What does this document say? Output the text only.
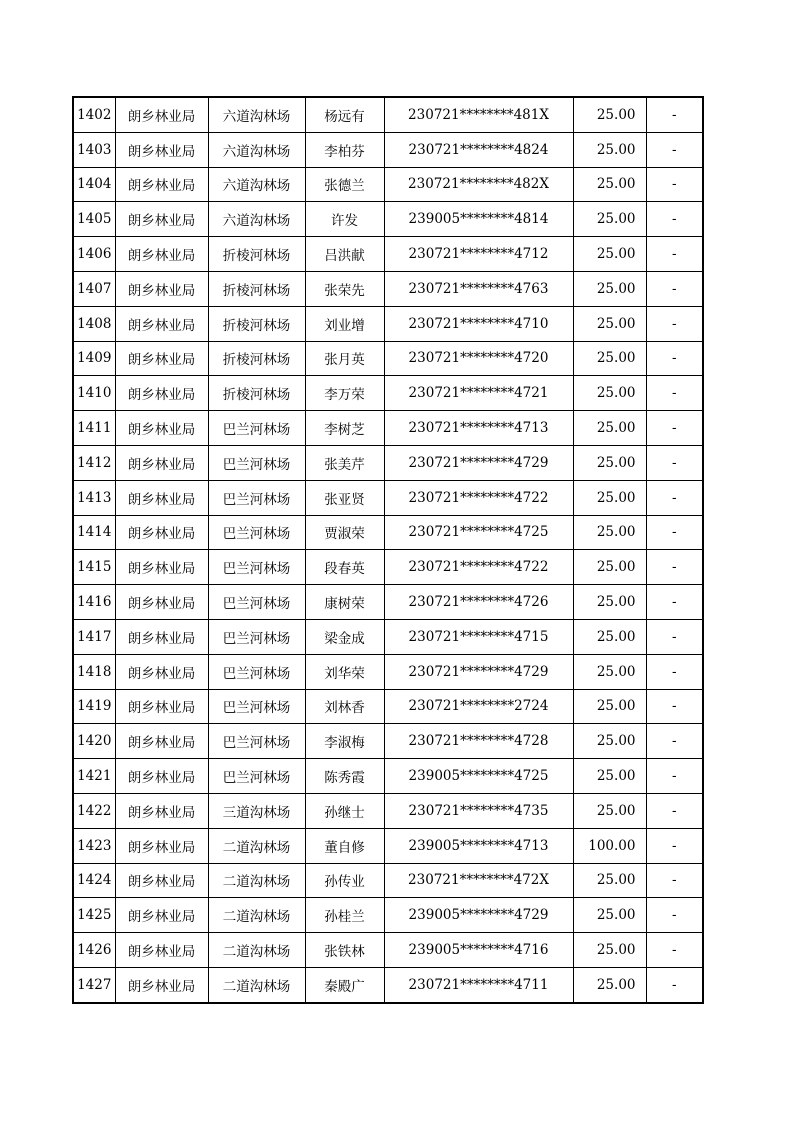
1402	朗乡林业局	六道沟林场	杨远有	230721********481X	25.00	-
1403	朗乡林业局	六道沟林场	李柏芬	230721********4824	25.00	-
1404	朗乡林业局	六道沟林场	张德兰	230721********482X	25.00	-
1405	朗乡林业局	六道沟林场	许发	239005********4814	25.00	-
1406	朗乡林业局	折棱河林场	吕洪献	230721********4712	25.00	-
1407	朗乡林业局	折棱河林场	张荣先	230721********4763	25.00	-
1408	朗乡林业局	折棱河林场	刘业增	230721********4710	25.00	-
1409	朗乡林业局	折棱河林场	张月英	230721********4720	25.00	-
1410	朗乡林业局	折棱河林场	李万荣	230721********4721	25.00	-
1411	朗乡林业局	巴兰河林场	李树芝	230721********4713	25.00	-
1412	朗乡林业局	巴兰河林场	张美芹	230721********4729	25.00	-
1413	朗乡林业局	巴兰河林场	张亚贤	230721********4722	25.00	-
1414	朗乡林业局	巴兰河林场	贾淑荣	230721********4725	25.00	-
1415	朗乡林业局	巴兰河林场	段春英	230721********4722	25.00	-
1416	朗乡林业局	巴兰河林场	康树荣	230721********4726	25.00	-
1417	朗乡林业局	巴兰河林场	梁金成	230721********4715	25.00	-
1418	朗乡林业局	巴兰河林场	刘华荣	230721********4729	25.00	-
1419	朗乡林业局	巴兰河林场	刘林香	230721********2724	25.00	-
1420	朗乡林业局	巴兰河林场	李淑梅	230721********4728	25.00	-
1421	朗乡林业局	巴兰河林场	陈秀霞	239005********4725	25.00	-
1422	朗乡林业局	三道沟林场	孙继士	230721********4735	25.00	-
1423	朗乡林业局	二道沟林场	董自修	239005********4713	100.00	-
1424	朗乡林业局	二道沟林场	孙传业	230721********472X	25.00	-
1425	朗乡林业局	二道沟林场	孙桂兰	239005********4729	25.00	-
1426	朗乡林业局	二道沟林场	张铁林	239005********4716	25.00	-
1427	朗乡林业局	二道沟林场	秦殿广	230721********4711	25.00	-
